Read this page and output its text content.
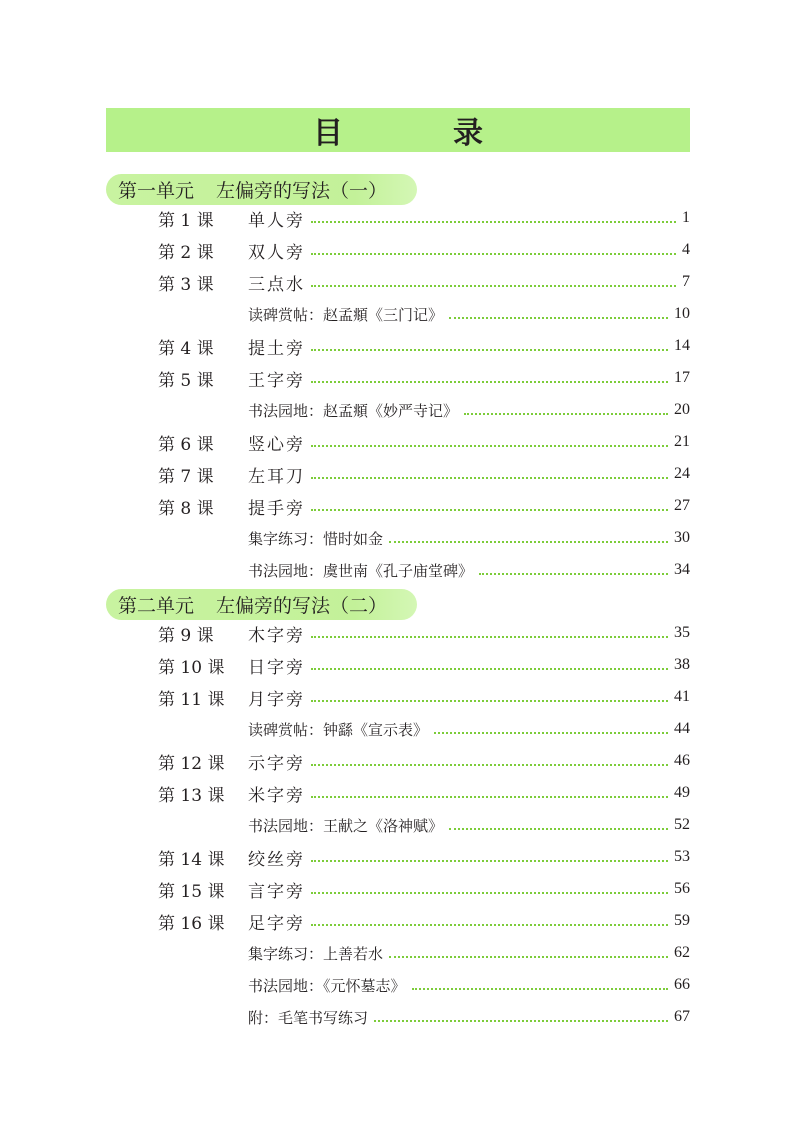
目　录
第一单元 左偏旁的写法（一）
第 1 课 单人旁	1
第 2 课 双人旁	4
第 3 课 三点水	7
读碑赏帖：赵孟頫《三门记》	10
第 4 课 提土旁	14
第 5 课 王字旁	17
书法园地：赵孟頫《妙严寺记》	20
第 6 课 竖心旁	21
第 7 课 左耳刀	24
第 8 课 提手旁	27
集字练习：惜时如金	30
书法园地：虞世南《孔子庙堂碑》	34
第二单元 左偏旁的写法（二）
第 9 课 木字旁	35
第 10 课 日字旁	38
第 11 课 月字旁	41
读碑赏帖：钟繇《宣示表》	44
第 12 课 示字旁	46
第 13 课 米字旁	49
书法园地：王献之《洛神赋》	52
第 14 课 绞丝旁	53
第 15 课 言字旁	56
第 16 课 足字旁	59
集字练习：上善若水	62
书法园地：《元怀墓志》	66
附：毛笔书写练习	67
